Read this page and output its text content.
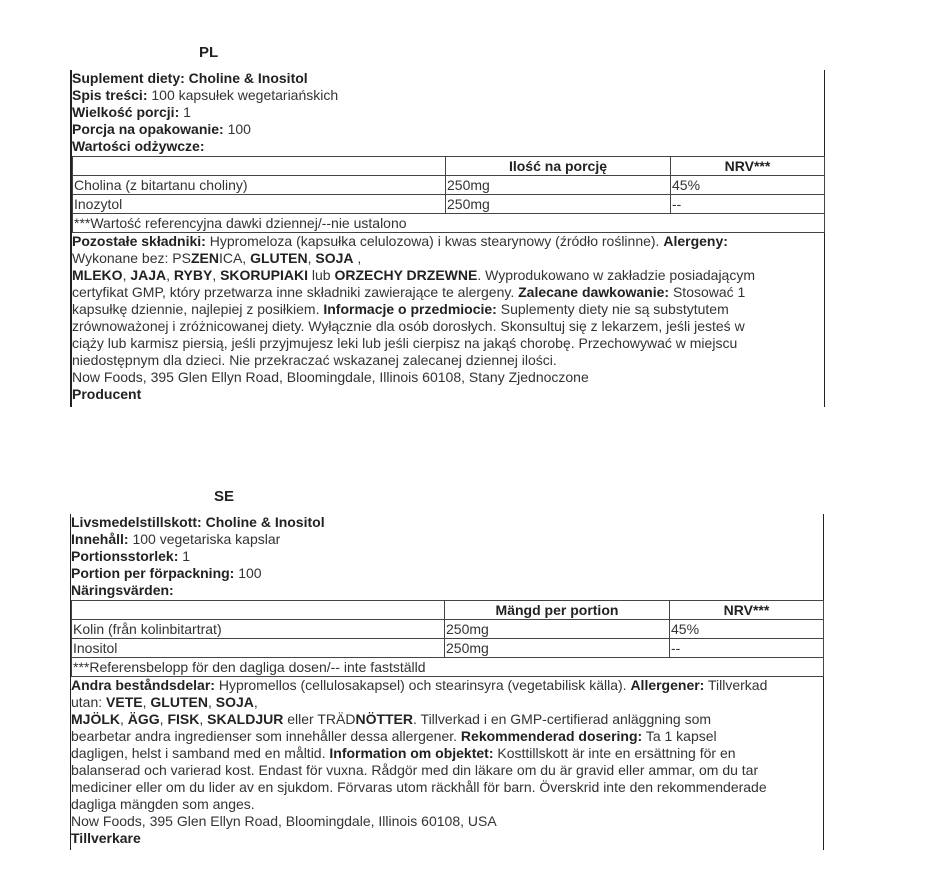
PL
Suplement diety: Choline & Inositol
Spis treści: 100 kapsułek wegetariańskich
Wielkość porcji: 1
Porcja na opakowanie: 100
Wartości odżywcze:
	Ilość na porcję	NRV***
Cholina (z bitartanu choliny)	250mg	45%
Inozytol	250mg	--
***Wartość referencyjna dawki dziennej/--nie ustalono		
Pozostałe składniki: Hypromeloza (kapsułka celulozowa) i kwas stearynowy (źródło roślinne). Alergeny:
Wykonane bez: PSZENICA, GLUTEN, SOJA ,
MLEKO, JAJA, RYBY, SKORUPIAKI lub ORZECHY DRZEWNE. Wyprodukowano w zakładzie posiadającym
certyfikat GMP, który przetwarza inne składniki zawierające te alergeny. Zalecane dawkowanie: Stosować 1
kapsułkę dziennie, najlepiej z posiłkiem. Informacje o przedmiocie: Suplementy diety nie są substytutem
zrównoważonej i zróżnicowanej diety. Wyłącznie dla osób dorosłych. Skonsultuj się z lekarzem, jeśli jesteś w
ciąży lub karmisz piersią, jeśli przyjmujesz leki lub jeśli cierpisz na jakąś chorobę. Przechowywać w miejscu
niedostępnym dla dzieci. Nie przekraczać wskazanej zalecanej dziennej ilości.
Now Foods, 395 Glen Ellyn Road, Bloomingdale, Illinois 60108, Stany Zjednoczone
Producent
SE
Livsmedelstillskott: Choline & Inositol
Innehåll: 100 vegetariska kapslar
Portionsstorlek: 1
Portion per förpackning: 100
Näringsvärden:
	Mängd per portion	NRV***
Kolin (från kolinbitartrat)	250mg	45%
Inositol	250mg	--
***Referensbelopp för den dagliga dosen/-- inte fastställd		
Andra beståndsdelar: Hypromellos (cellulosakapsel) och stearinsyra (vegetabilisk källa). Allergener: Tillverkad
utan: VETE, GLUTEN, SOJA,
MJÖLK, ÄGG, FISK, SKALDJUR eller TRÄDNÖTTER. Tillverkad i en GMP-certifierad anläggning som
bearbetar andra ingredienser som innehåller dessa allergener. Rekommenderad dosering: Ta 1 kapsel
dagligen, helst i samband med en måltid. Information om objektet: Kosttillskott är inte en ersättning för en
balanserad och varierad kost. Endast för vuxna. Rådgör med din läkare om du är gravid eller ammar, om du tar
mediciner eller om du lider av en sjukdom. Förvaras utom räckhåll för barn. Överskrid inte den rekommenderade
dagliga mängden som anges.
Now Foods, 395 Glen Ellyn Road, Bloomingdale, Illinois 60108, USA
Tillverkare
